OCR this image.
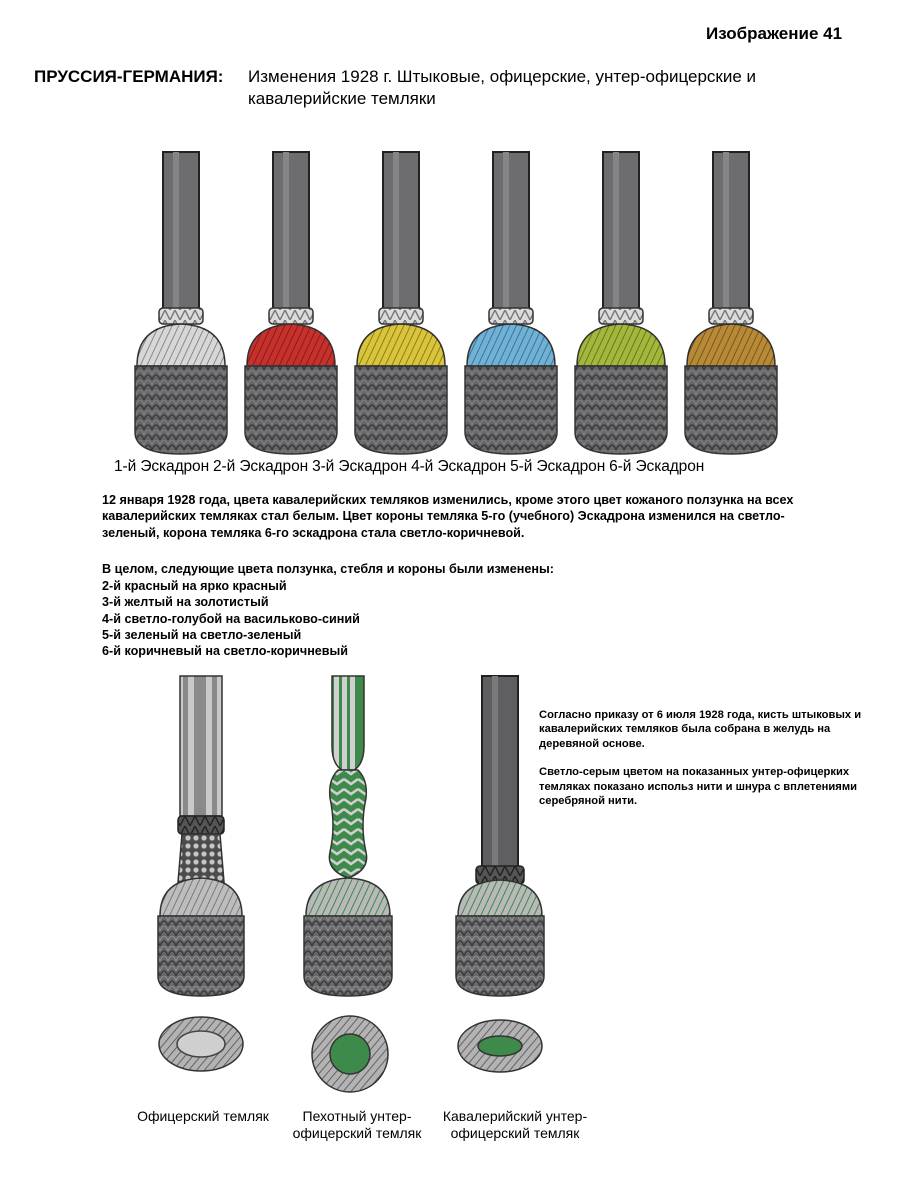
Изображение 41
ПРУССИЯ-ГЕРМАНИЯ: Изменения 1928 г. Штыковые, офицерские, унтер-офицерские и кавалерийские темляки
1-й Эскадрон 2-й Эскадрон 3-й Эскадрон 4-й Эскадрон 5-й Эскадрон 6-й Эскадрон
12 января 1928 года, цвета кавалерийских темляков изменились, кроме этого цвет кожаного ползунка на всех кавалерийских темляках стал белым. Цвет короны темляка 5-го (учебного) Эскадрона изменился на светло-зеленый, корона темляка 6-го эскадрона стала светло-коричневой.
В целом, следующие цвета ползунка, стебля и короны были изменены:
2-й красный на ярко красный
3-й желтый на золотистый
4-й светло-голубой на васильково-синий
5-й зеленый на светло-зеленый
6-й коричневый на светло-коричневый

Согласно приказу от 6 июля 1928 года, кисть штыковых и кавалерийских темляков была собрана в желудь на деревяной основе.

Светло-серым цветом на показанных унтер-офицерких темляках показано использ нити и шнура с вплетениями серебряной нити.

Офицерский темляк	Пехотный унтер-офицерский темляк
Кавалерийский унтер-офицерский темляк
